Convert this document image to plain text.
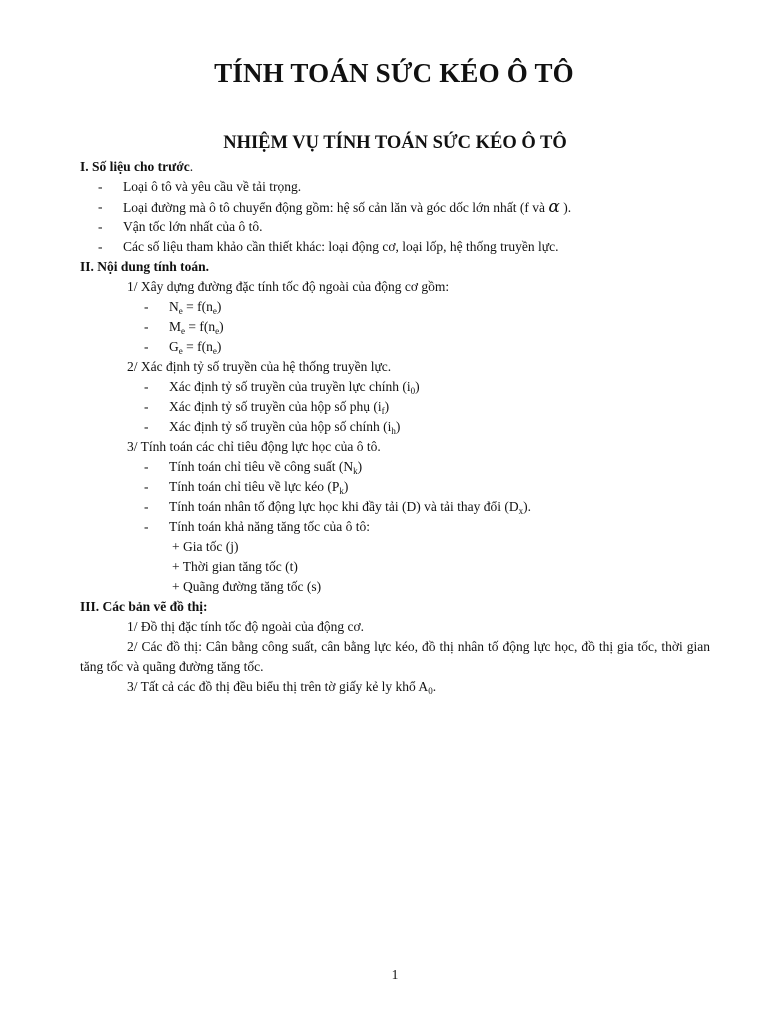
TÍNH TOÁN SỨC KÉO Ô TÔ
NHIỆM VỤ TÍNH TOÁN SỨC KÉO Ô TÔ
I. Số liệu cho trước.
- Loại ô tô và yêu cầu về tải trọng.
- Loại đường mà ô tô chuyển động gồm: hệ số cản lăn và góc dốc lớn nhất (f và α ).
- Vận tốc lớn nhất của ô tô.
- Các số liệu tham khảo cần thiết khác: loại động cơ, loại lốp, hệ thống truyền lực.
II. Nội dung tính toán.
1/ Xây dựng đường đặc tính tốc độ ngoài của động cơ gồm:
- $N_e = f(n_e)$
- $M_e = f(n_e)$
- $G_e = f(n_e)$
2/ Xác định tỷ số truyền của hệ thống truyền lực.
- Xác định tỷ số truyền của truyền lực chính $(i_0)$
- Xác định tỷ số truyền của hộp số phụ $(i_f)$
- Xác định tỷ số truyền của hộp số chính $(i_h)$
3/ Tính toán các chỉ tiêu động lực học của ô tô.
- Tính toán chỉ tiêu về công suất $(N_k)$
- Tính toán chỉ tiêu về lực kéo $(P_k)$
- Tính toán nhân tố động lực học khi đầy tải (D) và tải thay đổi $(D_x)$.
- Tính toán khả năng tăng tốc của ô tô:
+ Gia tốc (j)
+ Thời gian tăng tốc (t)
+ Quãng đường tăng tốc (s)
III. Các bản vẽ đồ thị:
1/ Đồ thị đặc tính tốc độ ngoài của động cơ.
2/ Các đồ thị: Cân bằng công suất, cân bằng lực kéo, đồ thị nhân tố động lực học, đồ thị gia tốc, thời gian tăng tốc và quãng đường tăng tốc.
3/ Tất cả các đồ thị đều biểu thị trên tờ giấy kẻ ly khổ $A_0$.
1
